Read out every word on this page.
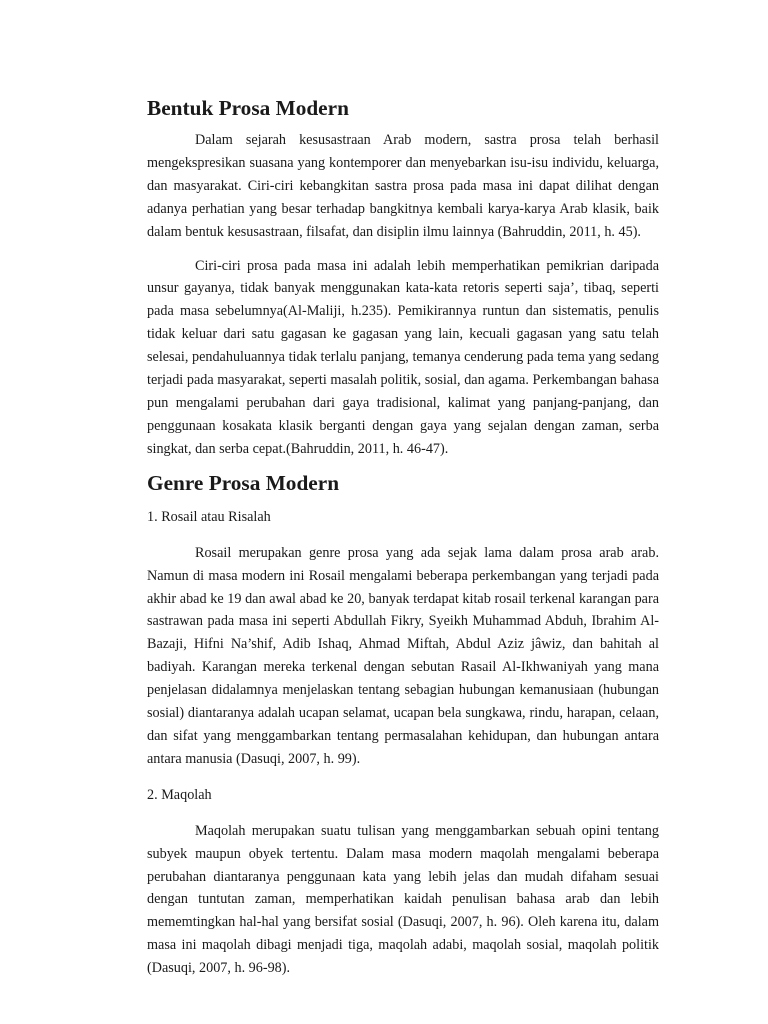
Bentuk Prosa Modern

Dalam sejarah kesusastraan Arab modern, sastra prosa telah berhasil mengekspresikan suasana yang kontemporer dan menyebarkan isu-isu individu, keluarga, dan masyarakat. Ciri-ciri kebangkitan sastra prosa pada masa ini dapat dilihat dengan adanya perhatian yang besar terhadap bangkitnya kembali karya-karya Arab klasik, baik dalam bentuk kesusastraan, filsafat, dan disiplin ilmu lainnya (Bahruddin, 2011, h. 45).

Ciri-ciri prosa pada masa ini adalah lebih memperhatikan pemikrian daripada unsur gayanya, tidak banyak menggunakan kata-kata retoris seperti saja’, tibaq, seperti pada masa sebelumnya(Al-Maliji, h.235). Pemikirannya runtun dan sistematis, penulis tidak keluar dari satu gagasan ke gagasan yang lain, kecuali gagasan yang satu telah selesai, pendahuluannya tidak terlalu panjang, temanya cenderung pada tema yang sedang terjadi pada masyarakat, seperti masalah politik, sosial, dan agama. Perkembangan bahasa pun mengalami perubahan dari gaya tradisional, kalimat yang panjang-panjang, dan penggunaan kosakata klasik berganti dengan gaya yang sejalan dengan zaman, serba singkat, dan serba cepat.(Bahruddin, 2011, h. 46-47).

Genre Prosa Modern

1. Rosail atau Risalah

Rosail merupakan genre prosa yang ada sejak lama dalam prosa arab arab. Namun di masa modern ini Rosail mengalami beberapa perkembangan yang terjadi pada akhir abad ke 19 dan awal abad ke 20, banyak terdapat kitab rosail terkenal karangan para sastrawan pada masa ini seperti Abdullah Fikry, Syeikh Muhammad Abduh, Ibrahim Al-Bazaji, Hifni Na’shif, Adib Ishaq, Ahmad Miftah, Abdul Aziz jâwiz, dan bahitah al badiyah. Karangan mereka terkenal dengan sebutan Rasail Al-Ikhwaniyah yang mana penjelasan didalamnya menjelaskan tentang sebagian hubungan kemanusiaan (hubungan sosial) diantaranya adalah ucapan selamat, ucapan bela sungkawa, rindu, harapan, celaan, dan sifat yang menggambarkan tentang permasalahan kehidupan, dan hubungan antara antara manusia (Dasuqi, 2007, h. 99).

2. Maqolah

Maqolah merupakan suatu tulisan yang menggambarkan sebuah opini tentang subyek maupun obyek tertentu. Dalam masa modern maqolah mengalami beberapa perubahan diantaranya penggunaan kata yang lebih jelas dan mudah difaham sesuai dengan tuntutan zaman, memperhatikan kaidah penulisan bahasa arab dan lebih mememtingkan hal-hal yang bersifat sosial (Dasuqi, 2007, h. 96). Oleh karena itu, dalam masa ini maqolah dibagi menjadi tiga, maqolah adabi, maqolah sosial, maqolah politik (Dasuqi, 2007, h. 96-98).
